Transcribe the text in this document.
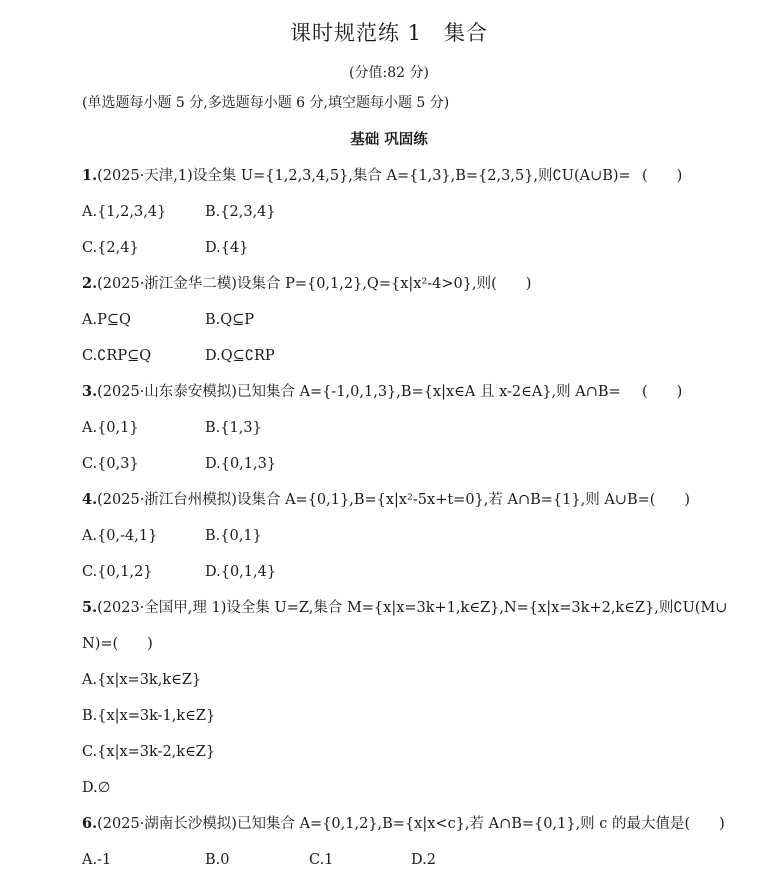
课时规范练 1　集合
(分值:82 分)
(单选题每小题 5 分,多选题每小题 6 分,填空题每小题 5 分)
基础 巩固练
1.(2025·天津,1)设全集 U={1,2,3,4,5},集合 A={1,3},B={2,3,5},则∁U(A∪B)= (　　)
A.{1,2,3,4}	B.{2,3,4}
C.{2,4}	D.{4}
2.(2025·浙江金华二模)设集合 P={0,1,2},Q={x|x²-4>0},则(　　)
A.P⊆Q	B.Q⊆P
C.∁RP⊆Q	D.Q⊆∁RP
3.(2025·山东泰安模拟)已知集合 A={-1,0,1,3},B={x|x∈A 且 x-2∈A},则 A∩B= (　　)
A.{0,1}	B.{1,3}
C.{0,3}	D.{0,1,3}
4.(2025·浙江台州模拟)设集合 A={0,1},B={x|x²-5x+t=0},若 A∩B={1},则 A∪B=(　　)
A.{0,-4,1}	B.{0,1}
C.{0,1,2}	D.{0,1,4}
5.(2023·全国甲,理 1)设全集 U=Z,集合 M={x|x=3k+1,k∈Z},N={x|x=3k+2,k∈Z},则∁U(M∪
N)=(　　)
A.{x|x=3k,k∈Z}
B.{x|x=3k-1,k∈Z}
C.{x|x=3k-2,k∈Z}
D.∅
6.(2025·湖南长沙模拟)已知集合 A={0,1,2},B={x|x<c},若 A∩B={0,1},则 c 的最大值是(　　)
A.-1	B.0	C.1	D.2
